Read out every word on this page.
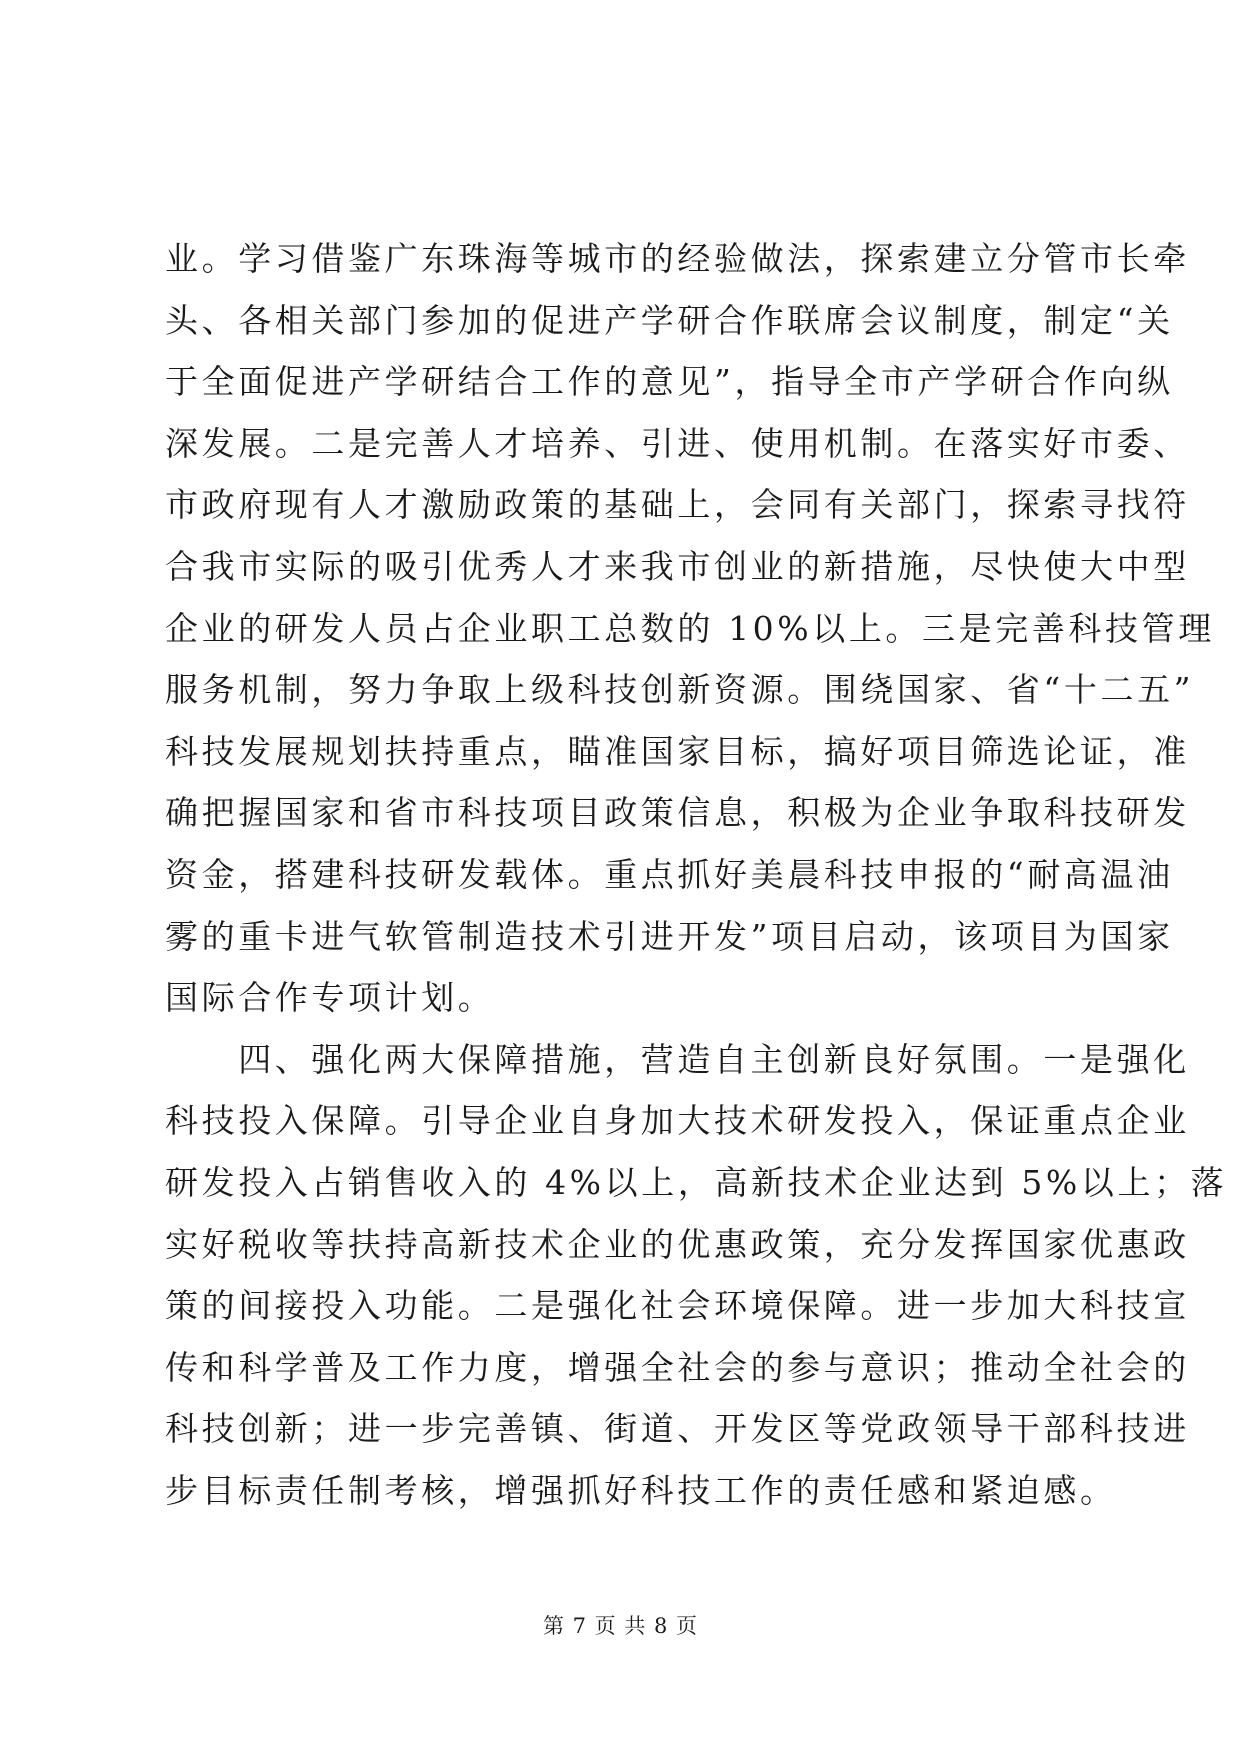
业。学习借鉴广东珠海等城市的经验做法，探索建立分管市长牵
头、各相关部门参加的促进产学研合作联席会议制度，制定“关
于全面促进产学研结合工作的意见”，指导全市产学研合作向纵
深发展。二是完善人才培养、引进、使用机制。在落实好市委、
市政府现有人才激励政策的基础上，会同有关部门，探索寻找符
合我市实际的吸引优秀人才来我市创业的新措施，尽快使大中型
企业的研发人员占企业职工总数的 10%以上。三是完善科技管理
服务机制，努力争取上级科技创新资源。围绕国家、省“十二五”
科技发展规划扶持重点，瞄准国家目标，搞好项目筛选论证，准
确把握国家和省市科技项目政策信息，积极为企业争取科技研发
资金，搭建科技研发载体。重点抓好美晨科技申报的“耐高温油
雾的重卡进气软管制造技术引进开发”项目启动，该项目为国家
国际合作专项计划。
　　四、强化两大保障措施，营造自主创新良好氛围。一是强化
科技投入保障。引导企业自身加大技术研发投入，保证重点企业
研发投入占销售收入的 4%以上，高新技术企业达到 5%以上；落
实好税收等扶持高新技术企业的优惠政策，充分发挥国家优惠政
策的间接投入功能。二是强化社会环境保障。进一步加大科技宣
传和科学普及工作力度，增强全社会的参与意识；推动全社会的
科技创新；进一步完善镇、街道、开发区等党政领导干部科技进
步目标责任制考核，增强抓好科技工作的责任感和紧迫感。
第 7 页 共 8 页
